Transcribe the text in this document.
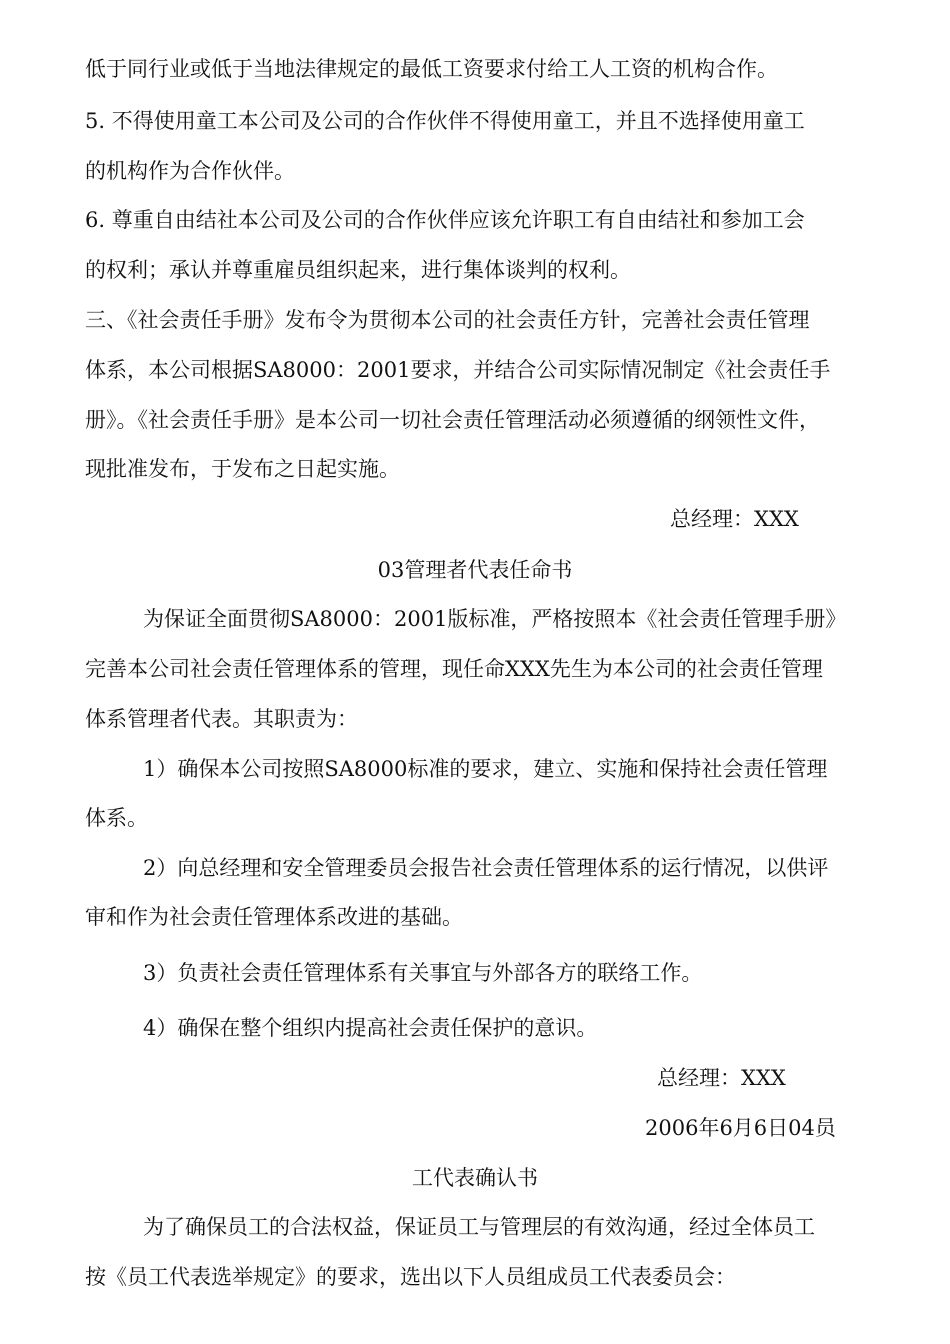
低于同行业或低于当地法律规定的最低工资要求付给工人工资的机构合作。
5. 不得使用童工本公司及公司的合作伙伴不得使用童工，并且不选择使用童工
的机构作为合作伙伴。
6. 尊重自由结社本公司及公司的合作伙伴应该允许职工有自由结社和参加工会
的权利；承认并尊重雇员组织起来，进行集体谈判的权利。
三、《社会责任手册》发布令为贯彻本公司的社会责任方针，完善社会责任管理
体系，本公司根据SA8000：2001要求，并结合公司实际情况制定《社会责任手
册》。《社会责任手册》是本公司一切社会责任管理活动必须遵循的纲领性文件，
现批准发布，于发布之日起实施。
总经理：XXX
03管理者代表任命书
为保证全面贯彻SA8000：2001版标准，严格按照本《社会责任管理手册》
完善本公司社会责任管理体系的管理，现任命XXX先生为本公司的社会责任管理
体系管理者代表。其职责为：
1）确保本公司按照SA8000标准的要求，建立、实施和保持社会责任管理
体系。
2）向总经理和安全管理委员会报告社会责任管理体系的运行情况，以供评
审和作为社会责任管理体系改进的基础。
3）负责社会责任管理体系有关事宜与外部各方的联络工作。
4）确保在整个组织内提高社会责任保护的意识。
总经理：XXX
2006年6月6日04员
工代表确认书
为了确保员工的合法权益，保证员工与管理层的有效沟通，经过全体员工
按《员工代表选举规定》的要求，选出以下人员组成员工代表委员会：
